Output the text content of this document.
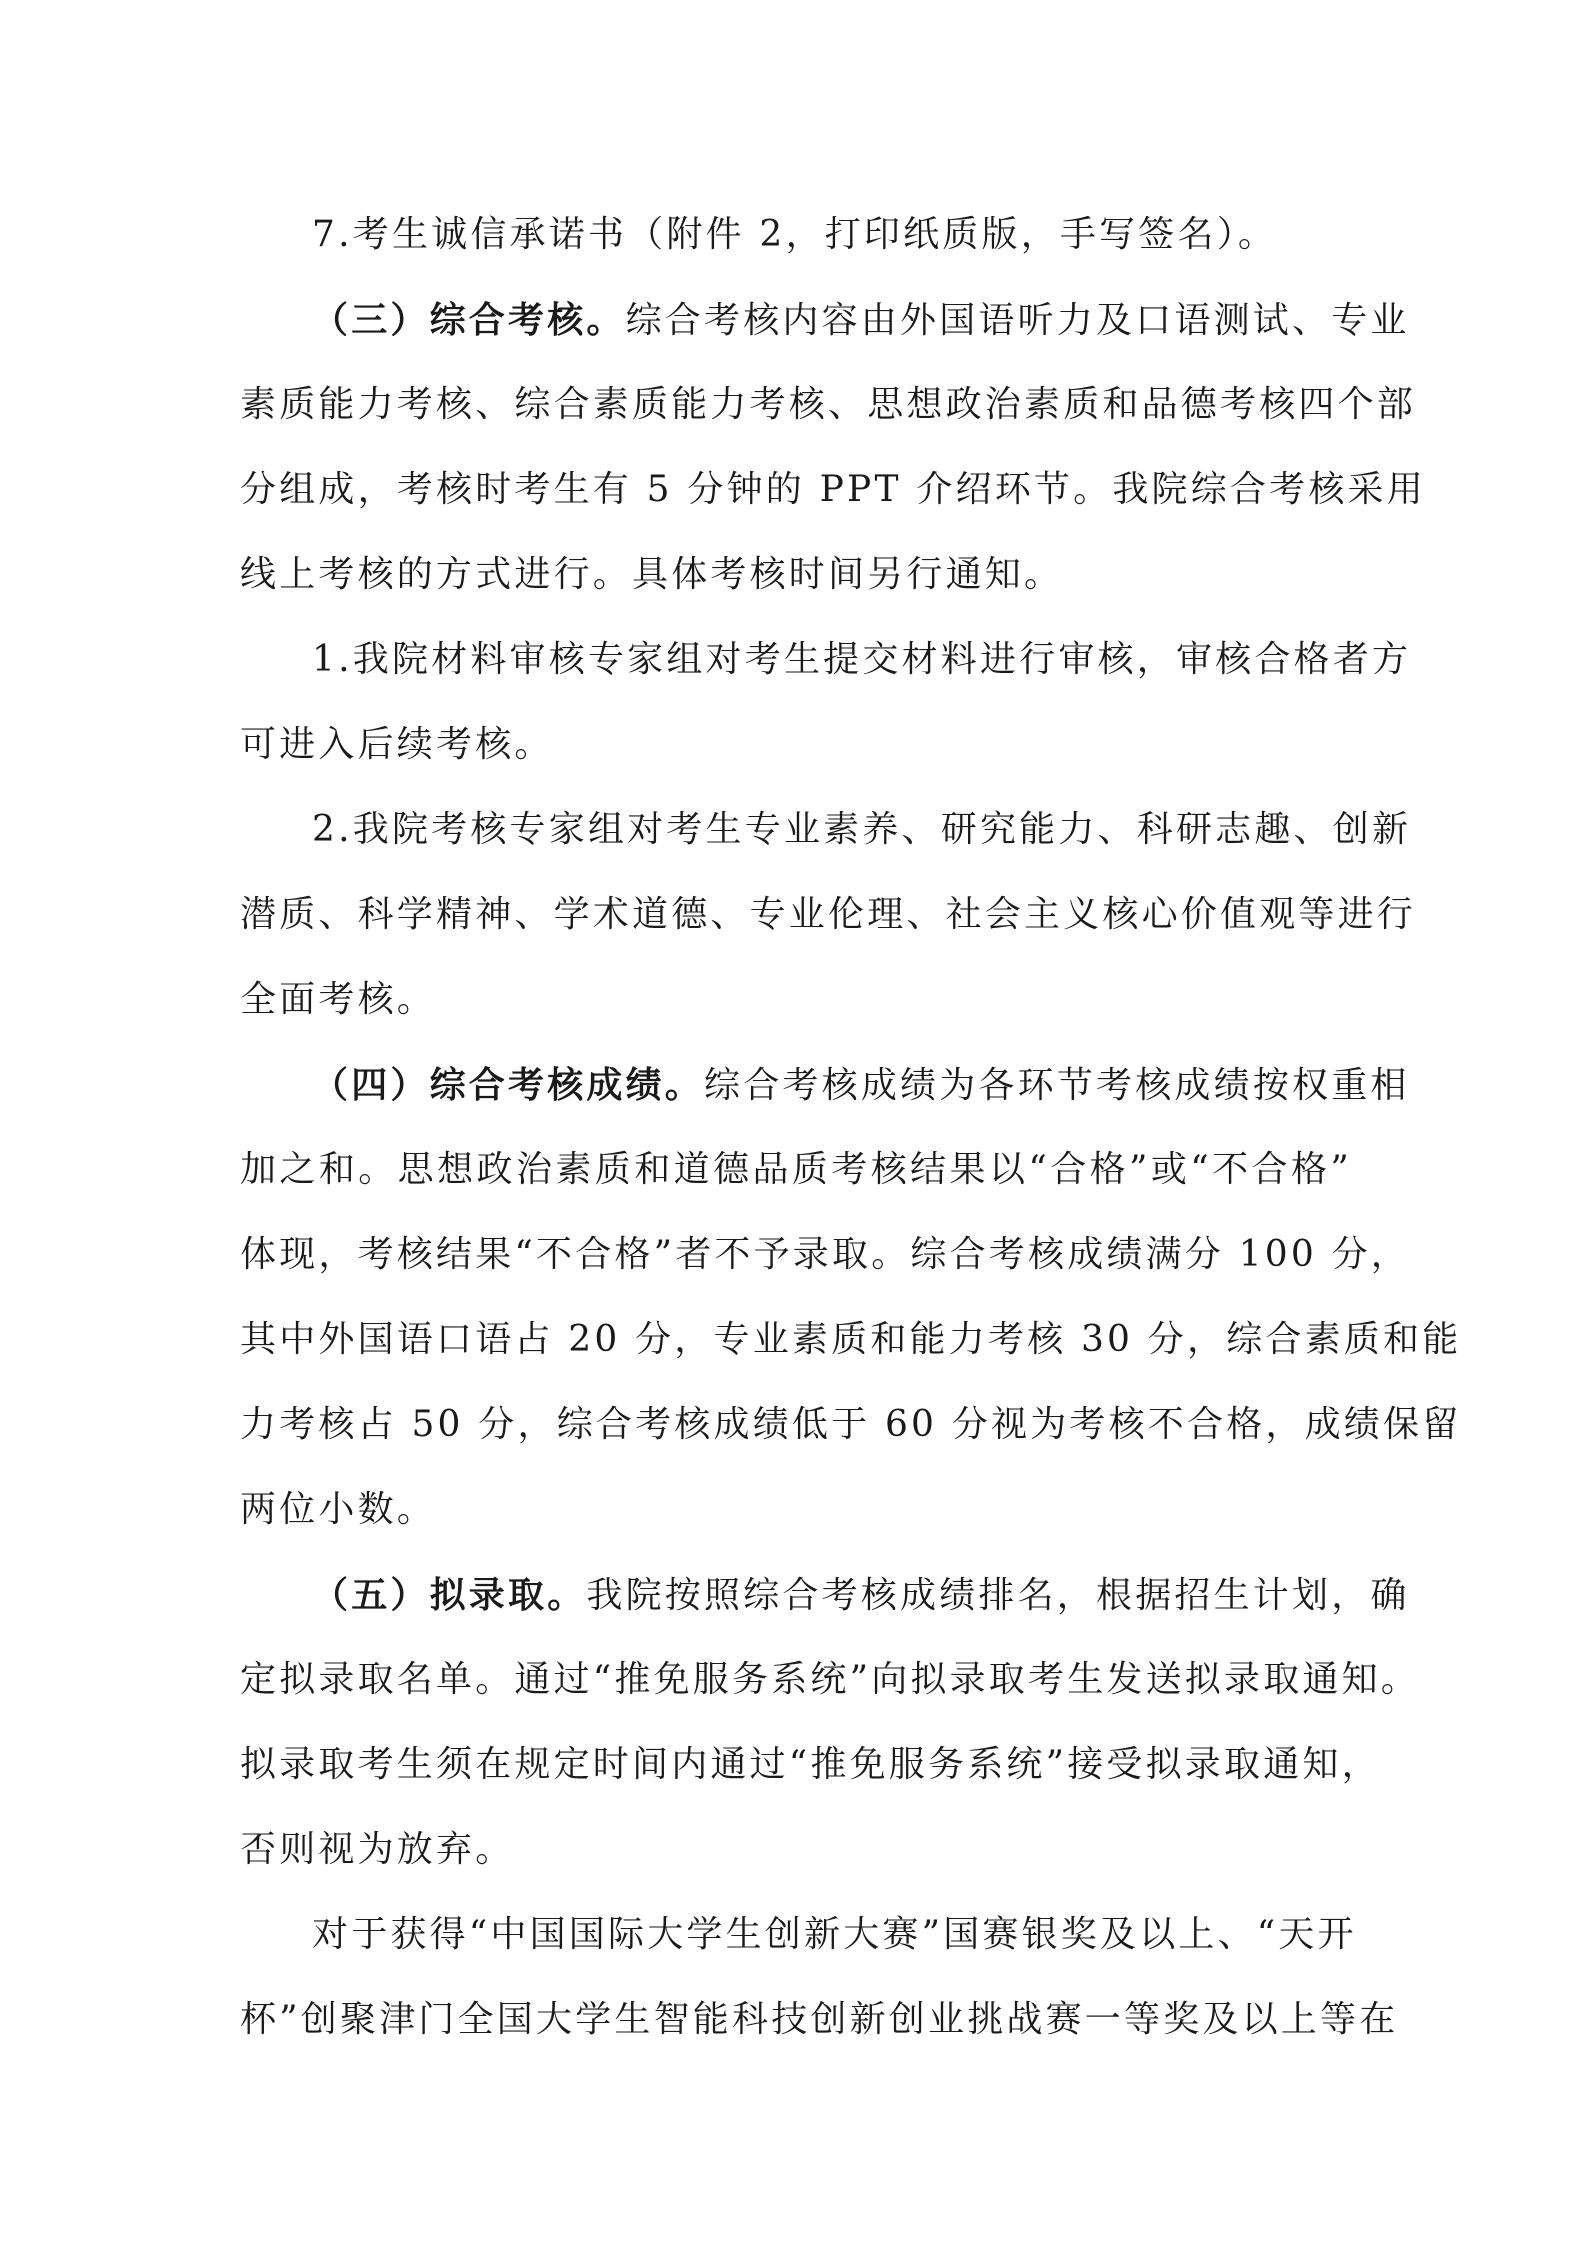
7.考生诚信承诺书（附件 2，打印纸质版，手写签名）。
（三）综合考核。综合考核内容由外国语听力及口语测试、专业
素质能力考核、综合素质能力考核、思想政治素质和品德考核四个部
分组成，考核时考生有 5 分钟的 PPT 介绍环节。我院综合考核采用
线上考核的方式进行。具体考核时间另行通知。
1.我院材料审核专家组对考生提交材料进行审核，审核合格者方
可进入后续考核。
2.我院考核专家组对考生专业素养、研究能力、科研志趣、创新
潜质、科学精神、学术道德、专业伦理、社会主义核心价值观等进行
全面考核。
（四）综合考核成绩。综合考核成绩为各环节考核成绩按权重相
加之和。思想政治素质和道德品质考核结果以“合格”或“不合格”
体现，考核结果“不合格”者不予录取。综合考核成绩满分 100 分，
其中外国语口语占 20 分，专业素质和能力考核 30 分，综合素质和能
力考核占 50 分，综合考核成绩低于 60 分视为考核不合格，成绩保留
两位小数。
（五）拟录取。我院按照综合考核成绩排名，根据招生计划，确
定拟录取名单。通过“推免服务系统”向拟录取考生发送拟录取通知。
拟录取考生须在规定时间内通过“推免服务系统”接受拟录取通知，
否则视为放弃。
对于获得“中国国际大学生创新大赛”国赛银奖及以上、“天开
杯”创聚津门全国大学生智能科技创新创业挑战赛一等奖及以上等在
